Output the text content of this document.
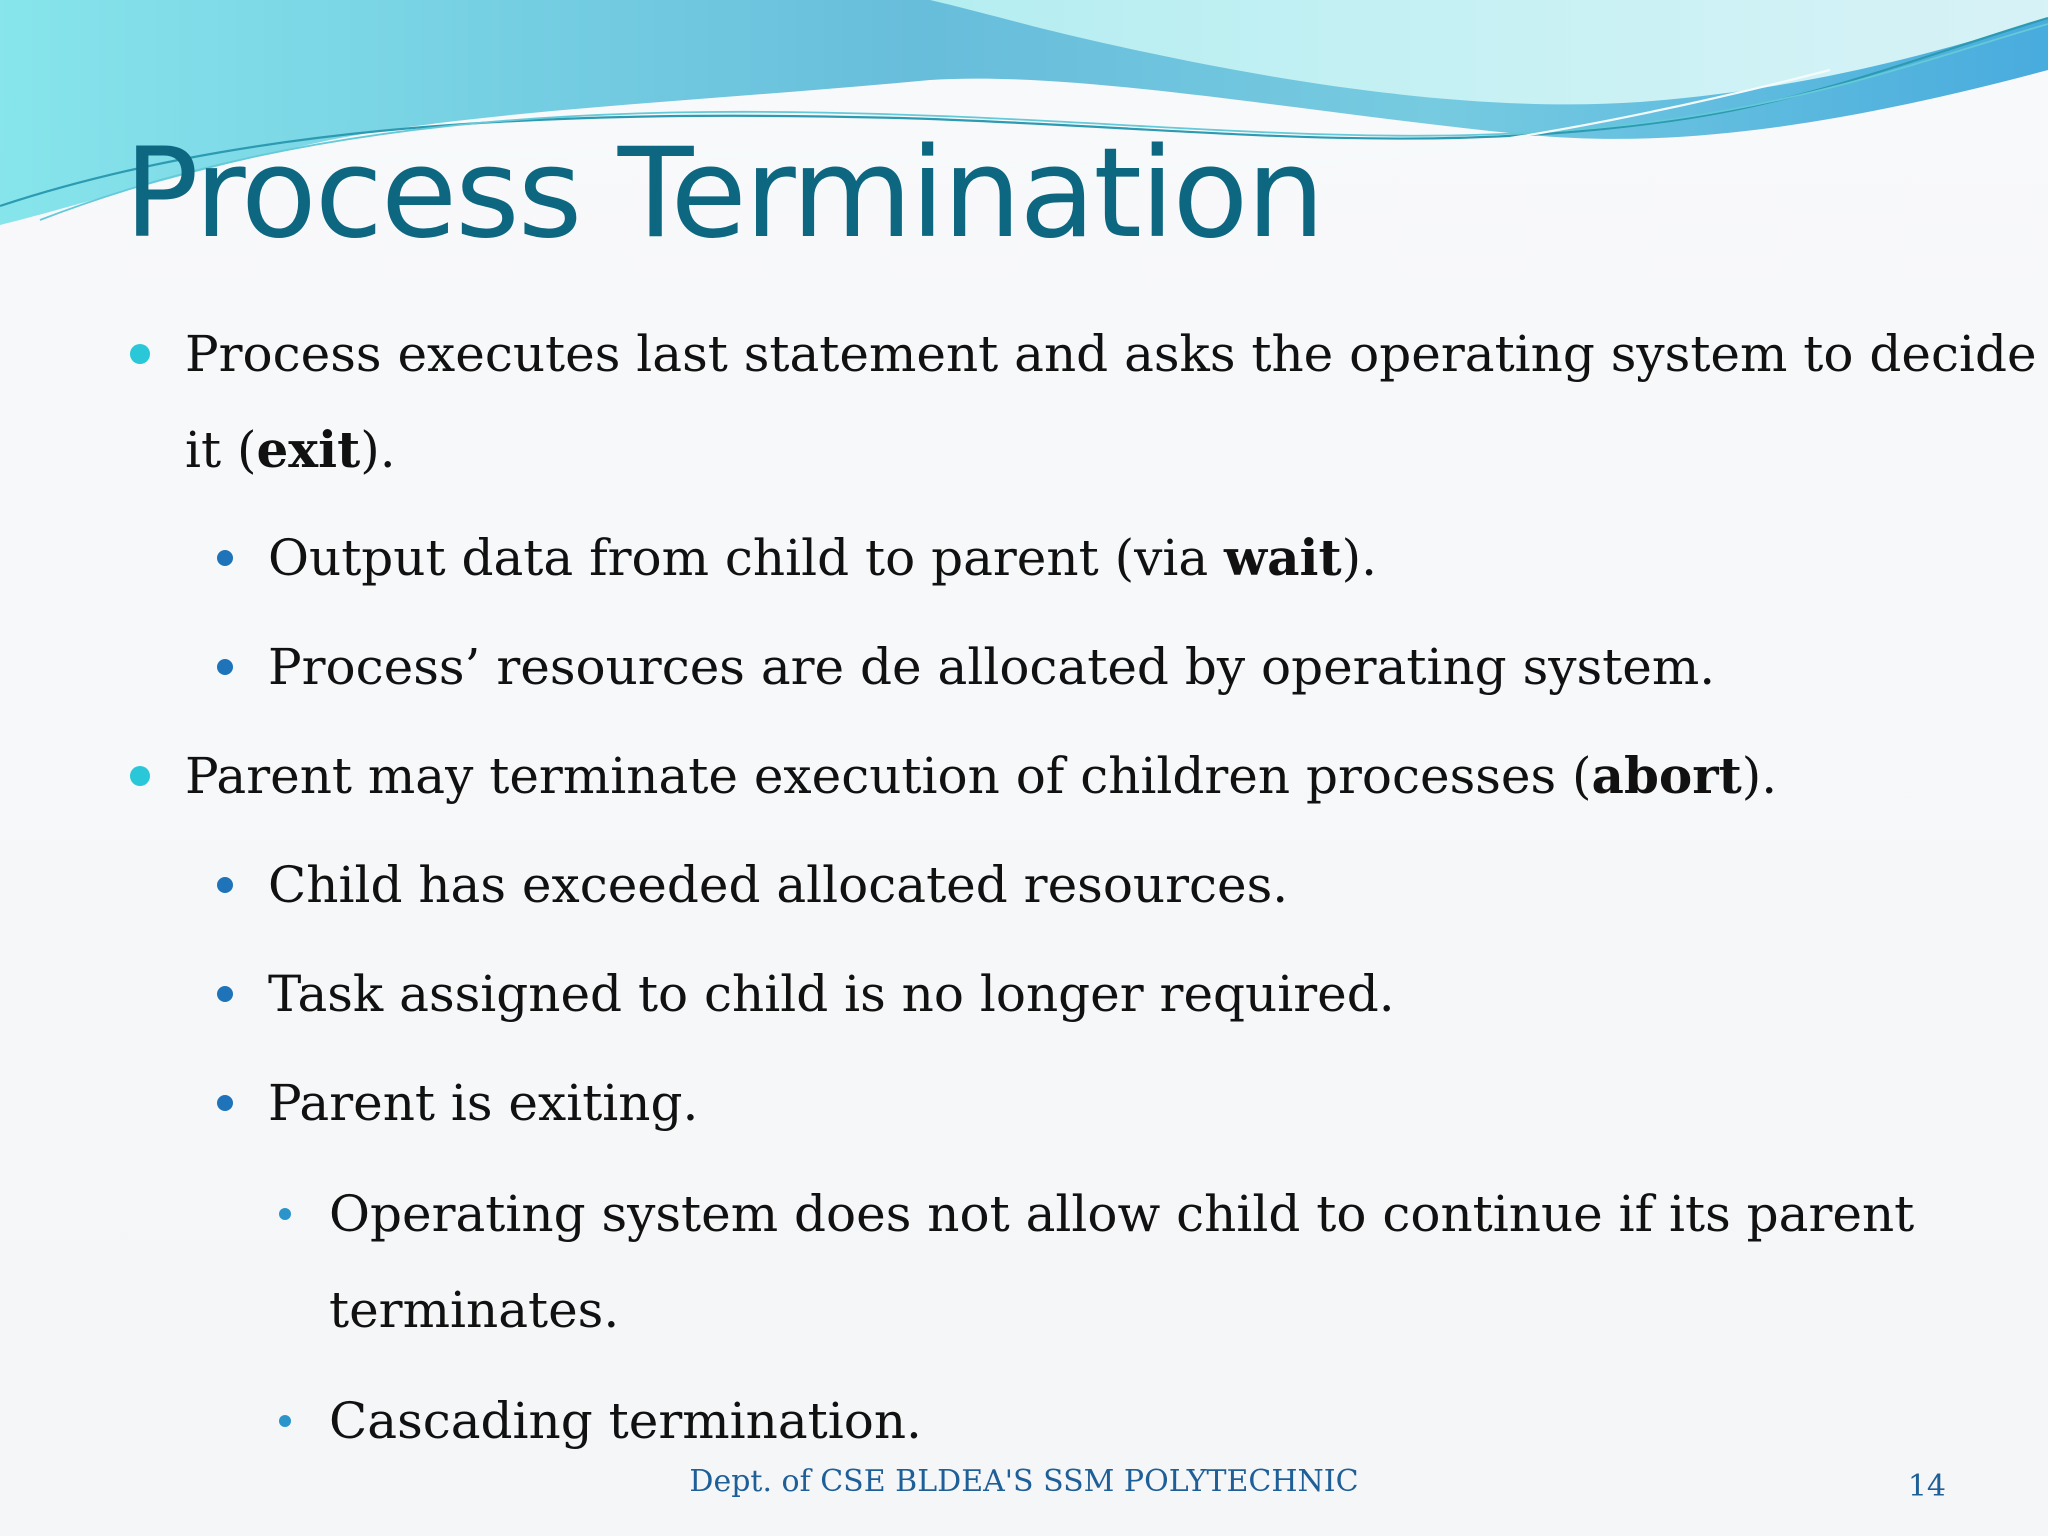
Process Termination
Process executes last statement and asks the operating system to decide
it (exit).
Output data from child to parent (via wait).
Process’ resources are de allocated by operating system.
Parent may terminate execution of children processes (abort).
Child has exceeded allocated resources.
Task assigned to child is no longer required.
Parent is exiting.
Operating system does not allow child to continue if its parent
terminates.
Cascading termination.
Dept. of CSE BLDEA'S SSM POLYTECHNIC	14
